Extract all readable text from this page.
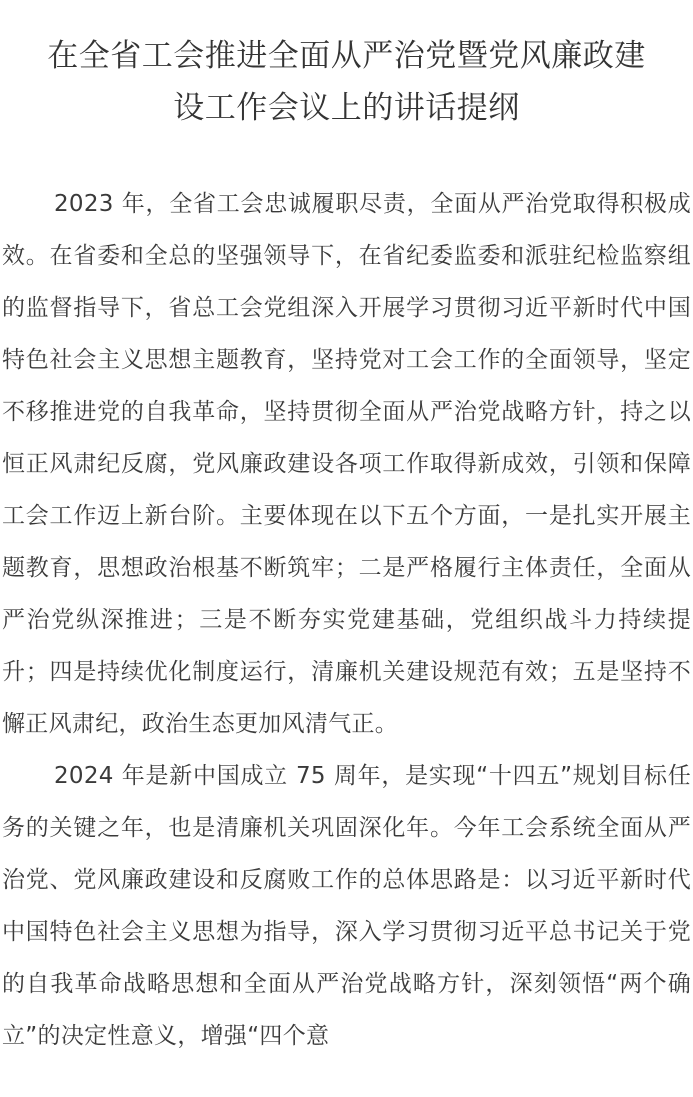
在全省工会推进全面从严治党暨党风廉政建
设工作会议上的讲话提纲

2023 年，全省工会忠诚履职尽责，全面从严治党取得积极成效。在省委和全总的坚强领导下，在省纪委监委和派驻纪检监察组的监督指导下，省总工会党组深入开展学习贯彻习近平新时代中国特色社会主义思想主题教育，坚持党对工会工作的全面领导，坚定不移推进党的自我革命，坚持贯彻全面从严治党战略方针，持之以恒正风肃纪反腐，党风廉政建设各项工作取得新成效，引领和保障工会工作迈上新台阶。主要体现在以下五个方面，一是扎实开展主题教育，思想政治根基不断筑牢；二是严格履行主体责任，全面从严治党纵深推进；三是不断夯实党建基础，党组织战斗力持续提升；四是持续优化制度运行，清廉机关建设规范有效；五是坚持不懈正风肃纪，政治生态更加风清气正。

2024 年是新中国成立 75 周年，是实现“十四五”规划目标任务的关键之年，也是清廉机关巩固深化年。今年工会系统全面从严治党、党风廉政建设和反腐败工作的总体思路是：以习近平新时代中国特色社会主义思想为指导，深入学习贯彻习近平总书记关于党的自我革命战略思想和全面从严治党战略方针，深刻领悟“两个确立”的决定性意义，增强“四个意
